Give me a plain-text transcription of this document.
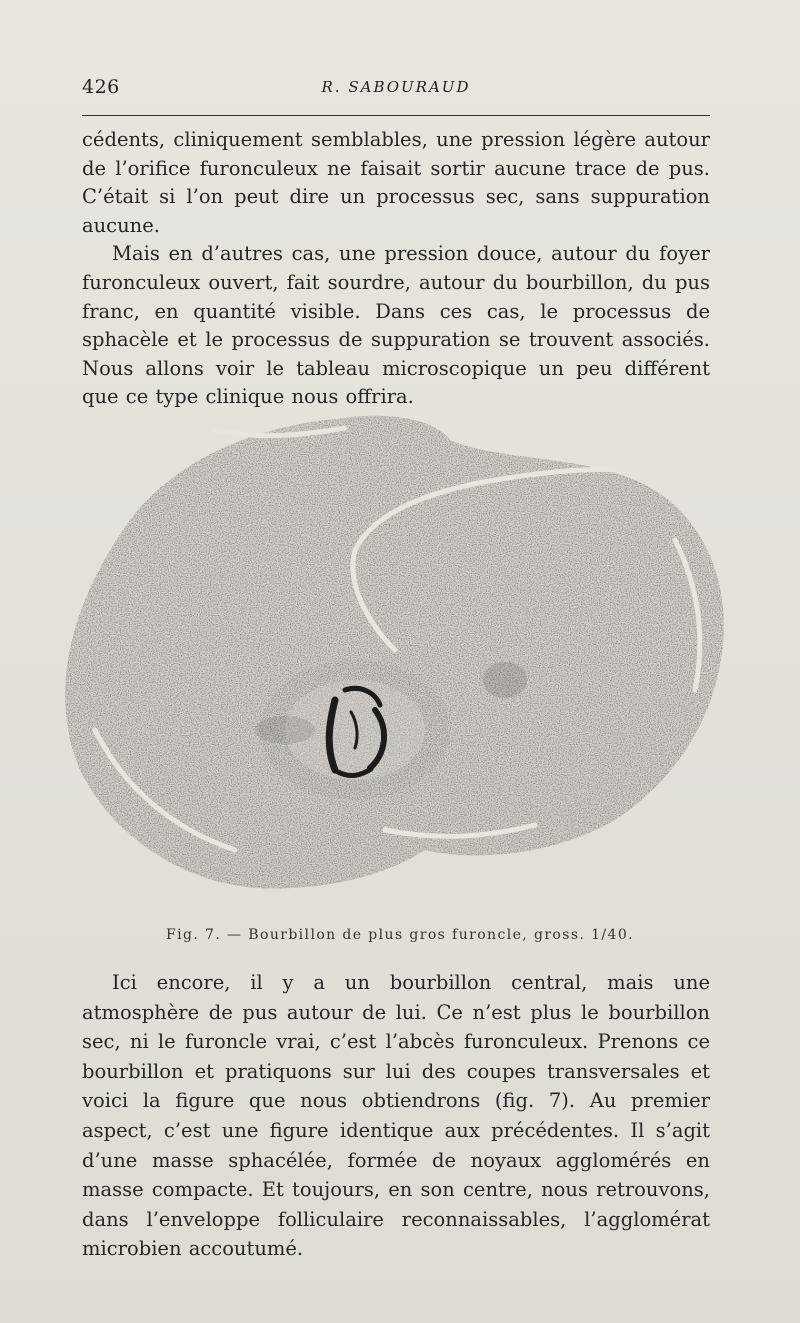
426	R. SABOURAUD

cédents, cliniquement semblables, une pression légère autour de l’orifice furonculeux ne faisait sortir aucune trace de pus. C’était si l’on peut dire un processus sec, sans suppuration aucune.

Mais en d’autres cas, une pression douce, autour du foyer furonculeux ouvert, fait sourdre, autour du bourbillon, du pus franc, en quantité visible. Dans ces cas, le processus de sphacèle et le processus de suppuration se trouvent associés. Nous allons voir le tableau microscopique un peu différent que ce type clinique nous offrira.

Fig. 7. — Bourbillon de plus gros furoncle, gross. 1/40.

Ici encore, il y a un bourbillon central, mais une atmosphère de pus autour de lui. Ce n’est plus le bourbillon sec, ni le furoncle vrai, c’est l’abcès furonculeux. Prenons ce bourbillon et pratiquons sur lui des coupes transversales et voici la figure que nous obtiendrons (fig. 7). Au premier aspect, c’est une figure identique aux précédentes. Il s’agit d’une masse sphacélée, formée de noyaux agglomérés en masse compacte. Et toujours, en son centre, nous retrouvons, dans l’enveloppe folliculaire reconnaissables, l’agglomérat microbien accoutumé.
